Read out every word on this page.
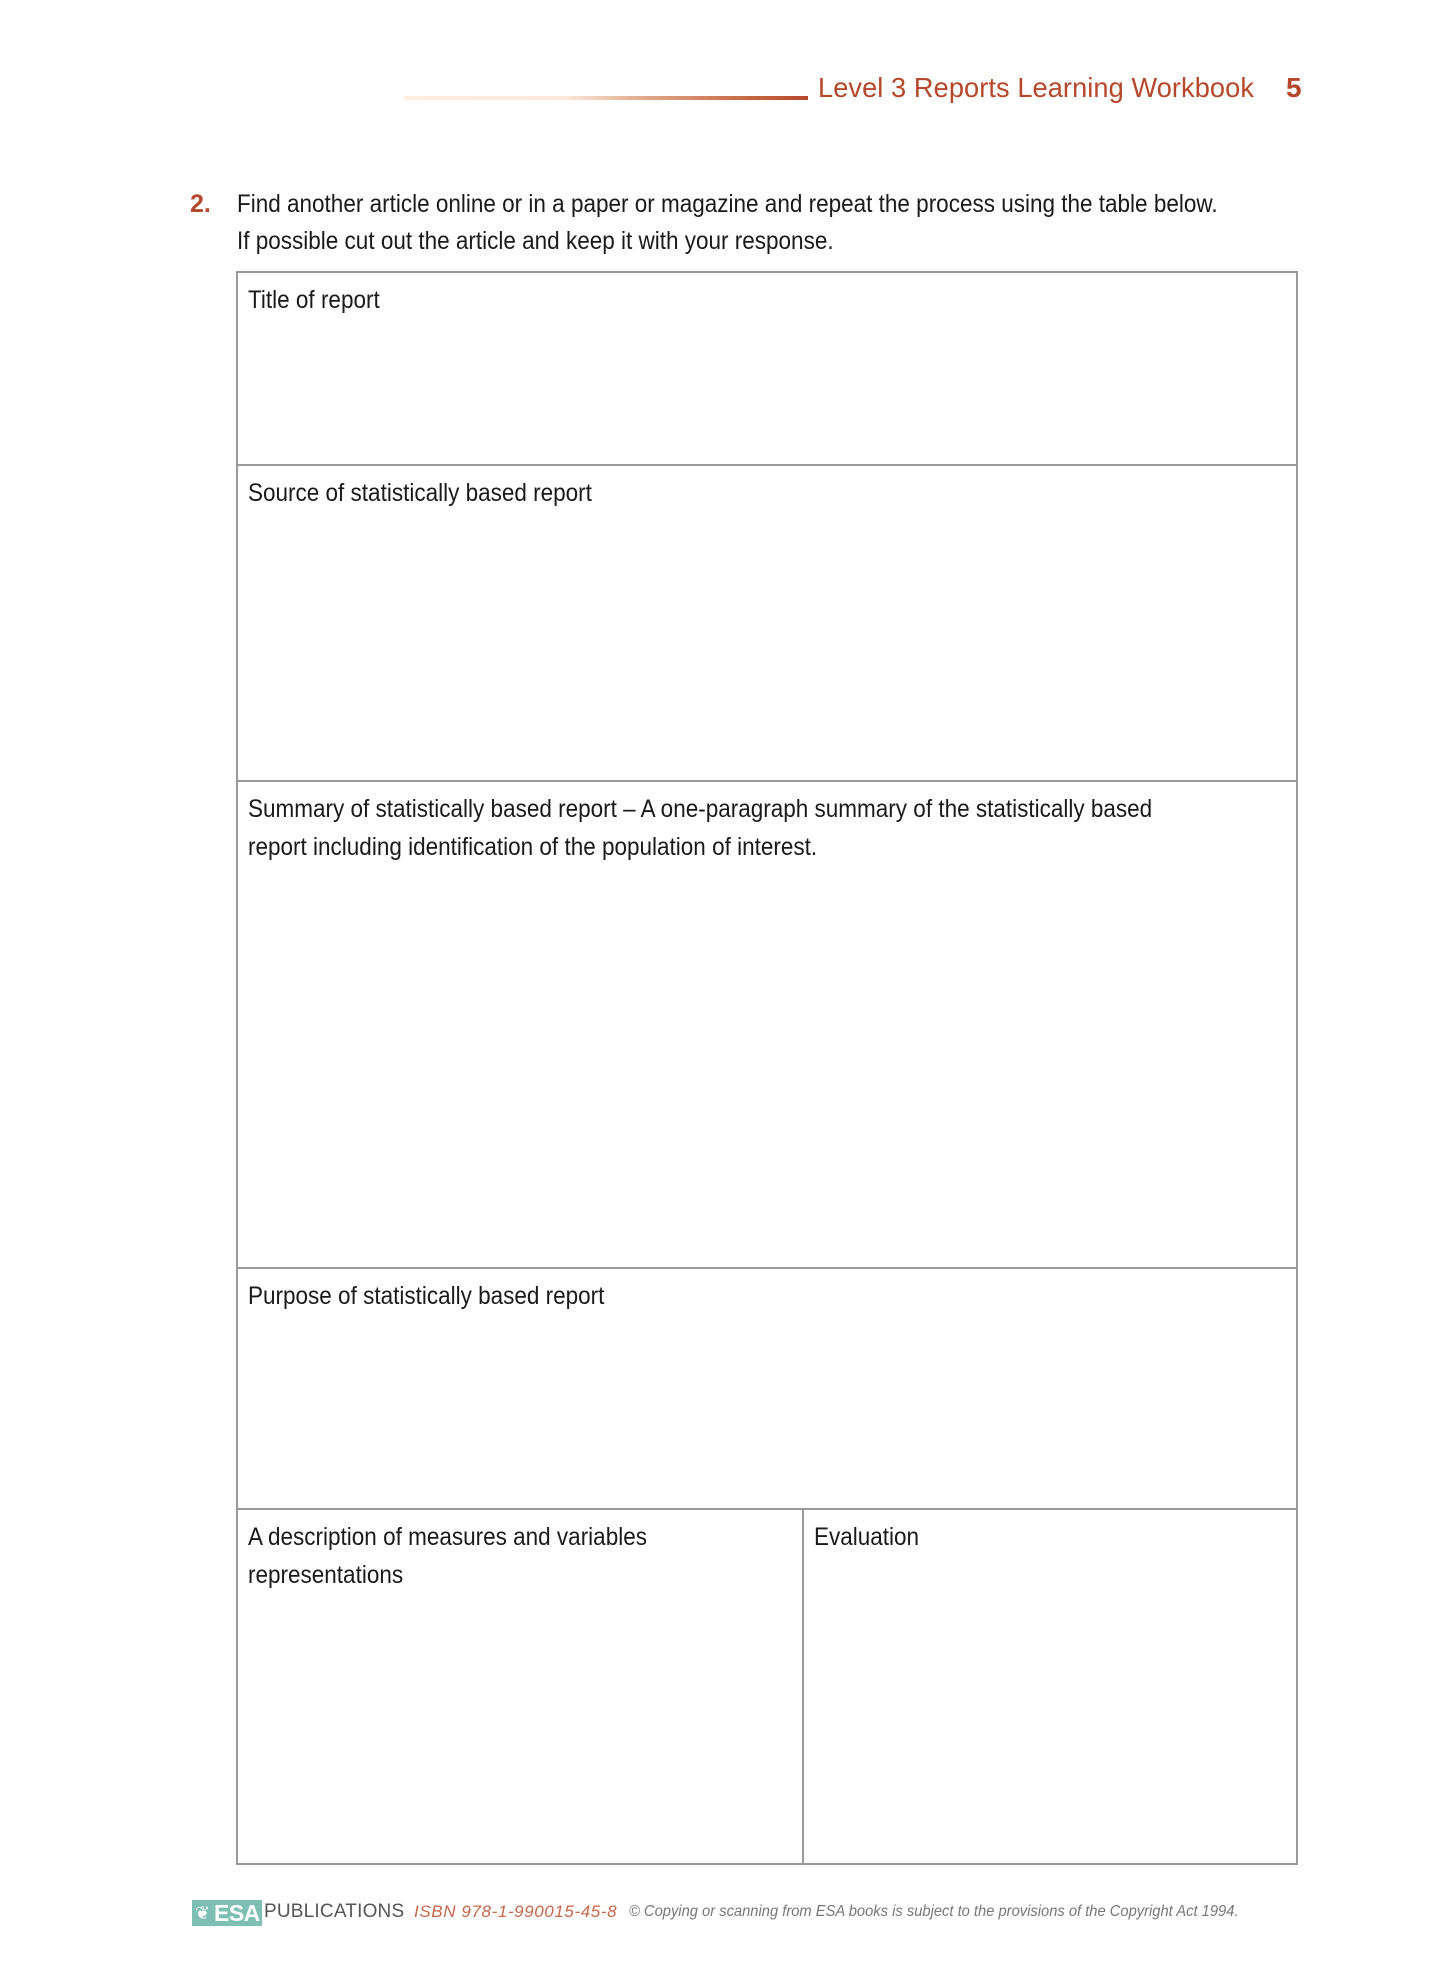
Level 3 Reports Learning Workbook 5
2. Find another article online or in a paper or magazine and repeat the process using the table below.
If possible cut out the article and keep it with your response.
Title of report
Source of statistically based report
Summary of statistically based report – A one-paragraph summary of the statistically based
report including identification of the population of interest.
Purpose of statistically based report
A description of measures and variables
representations
Evaluation
❦ ESA PUBLICATIONS ISBN 978-1-990015-45-8 © Copying or scanning from ESA books is subject to the provisions of the Copyright Act 1994.
